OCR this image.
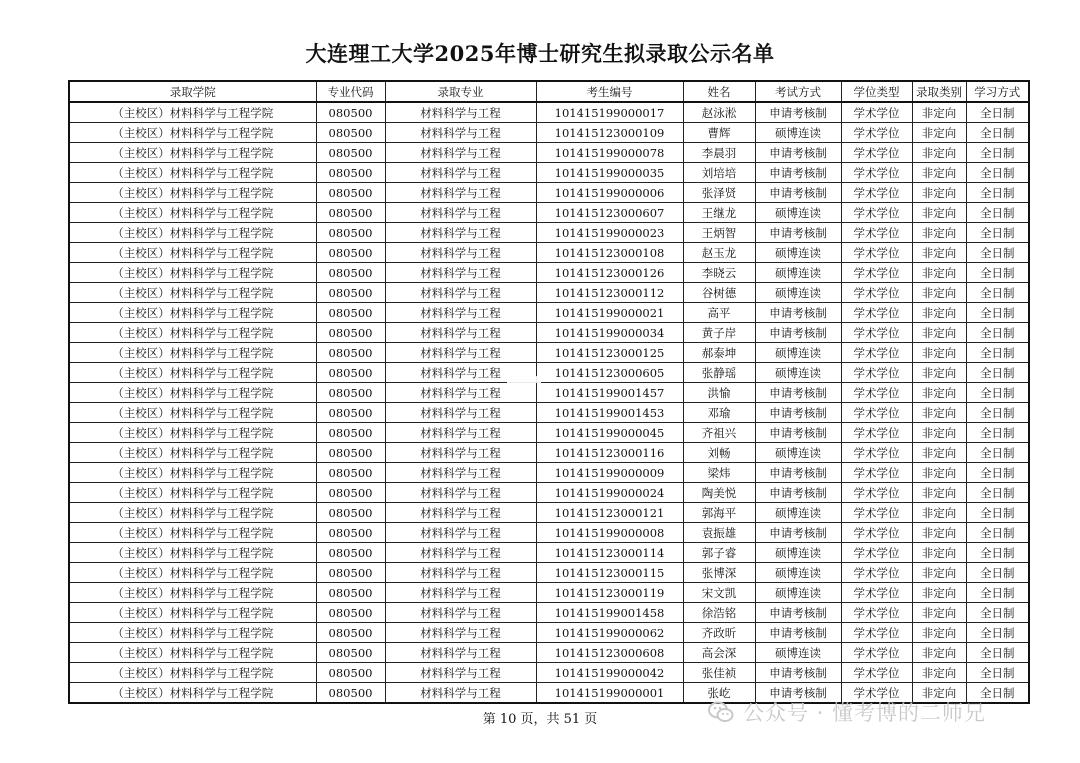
大连理工大学2025年博士研究生拟录取公示名单
录取学院	专业代码	录取专业	考生编号	姓名	考试方式	学位类型	录取类别	学习方式
（主校区）材料科学与工程学院	080500	材料科学与工程	101415199000017	赵泳淞	申请考核制	学术学位	非定向	全日制
（主校区）材料科学与工程学院	080500	材料科学与工程	101415123000109	曹辉	硕博连读	学术学位	非定向	全日制
（主校区）材料科学与工程学院	080500	材料科学与工程	101415199000078	李晨羽	申请考核制	学术学位	非定向	全日制
（主校区）材料科学与工程学院	080500	材料科学与工程	101415199000035	刘培培	申请考核制	学术学位	非定向	全日制
（主校区）材料科学与工程学院	080500	材料科学与工程	101415199000006	张泽贤	申请考核制	学术学位	非定向	全日制
（主校区）材料科学与工程学院	080500	材料科学与工程	101415123000607	王继龙	硕博连读	学术学位	非定向	全日制
（主校区）材料科学与工程学院	080500	材料科学与工程	101415199000023	王炳智	申请考核制	学术学位	非定向	全日制
（主校区）材料科学与工程学院	080500	材料科学与工程	101415123000108	赵玉龙	硕博连读	学术学位	非定向	全日制
（主校区）材料科学与工程学院	080500	材料科学与工程	101415123000126	李晓云	硕博连读	学术学位	非定向	全日制
（主校区）材料科学与工程学院	080500	材料科学与工程	101415123000112	谷树德	硕博连读	学术学位	非定向	全日制
（主校区）材料科学与工程学院	080500	材料科学与工程	101415199000021	高平	申请考核制	学术学位	非定向	全日制
（主校区）材料科学与工程学院	080500	材料科学与工程	101415199000034	黄子岸	申请考核制	学术学位	非定向	全日制
（主校区）材料科学与工程学院	080500	材料科学与工程	101415123000125	郝泰坤	硕博连读	学术学位	非定向	全日制
（主校区）材料科学与工程学院	080500	材料科学与工程	101415123000605	张静瑶	硕博连读	学术学位	非定向	全日制
（主校区）材料科学与工程学院	080500	材料科学与工程	101415199001457	洪愉	申请考核制	学术学位	非定向	全日制
（主校区）材料科学与工程学院	080500	材料科学与工程	101415199001453	邓瑜	申请考核制	学术学位	非定向	全日制
（主校区）材料科学与工程学院	080500	材料科学与工程	101415199000045	齐祖兴	申请考核制	学术学位	非定向	全日制
（主校区）材料科学与工程学院	080500	材料科学与工程	101415123000116	刘畅	硕博连读	学术学位	非定向	全日制
（主校区）材料科学与工程学院	080500	材料科学与工程	101415199000009	梁炜	申请考核制	学术学位	非定向	全日制
（主校区）材料科学与工程学院	080500	材料科学与工程	101415199000024	陶美悦	申请考核制	学术学位	非定向	全日制
（主校区）材料科学与工程学院	080500	材料科学与工程	101415123000121	郭海平	硕博连读	学术学位	非定向	全日制
（主校区）材料科学与工程学院	080500	材料科学与工程	101415199000008	袁振雄	申请考核制	学术学位	非定向	全日制
（主校区）材料科学与工程学院	080500	材料科学与工程	101415123000114	郭子睿	硕博连读	学术学位	非定向	全日制
（主校区）材料科学与工程学院	080500	材料科学与工程	101415123000115	张博深	硕博连读	学术学位	非定向	全日制
（主校区）材料科学与工程学院	080500	材料科学与工程	101415123000119	宋文凯	硕博连读	学术学位	非定向	全日制
（主校区）材料科学与工程学院	080500	材料科学与工程	101415199001458	徐浩铭	申请考核制	学术学位	非定向	全日制
（主校区）材料科学与工程学院	080500	材料科学与工程	101415199000062	齐政昕	申请考核制	学术学位	非定向	全日制
（主校区）材料科学与工程学院	080500	材料科学与工程	101415123000608	高会深	硕博连读	学术学位	非定向	全日制
（主校区）材料科学与工程学院	080500	材料科学与工程	101415199000042	张佳祯	申请考核制	学术学位	非定向	全日制
（主校区）材料科学与工程学院	080500	材料科学与工程	101415199000001	张屹	申请考核制	学术学位	非定向	全日制
第 10 页，共 51 页	公众号 · 懂考博的二师兄
